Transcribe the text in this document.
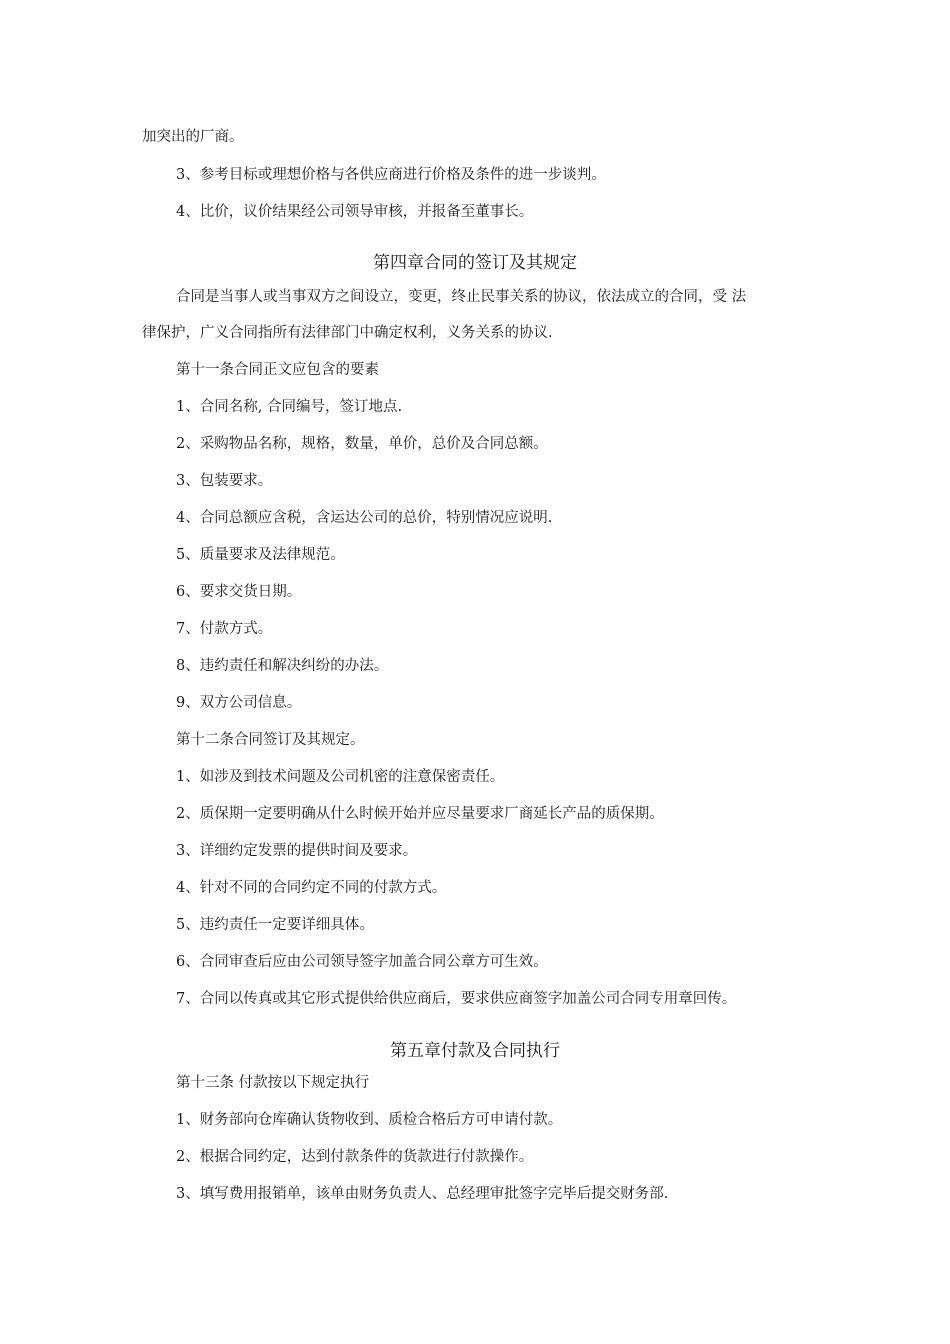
加突出的厂商。
3、参考目标或理想价格与各供应商进行价格及条件的进一步谈判。
4、比价，议价结果经公司领导审核，并报备至董事长。
第四章合同的签订及其规定
合同是当事人或当事双方之间设立，变更，终止民事关系的协议，依法成立的合同，受 法
律保护，广义合同指所有法律部门中确定权利，义务关系的协议.
第十一条合同正文应包含的要素
1、合同名称, 合同编号，签订地点.
2、采购物品名称，规格，数量，单价，总价及合同总额。
3、包装要求。
4、合同总额应含税，含运达公司的总价，特别情况应说明.
5、质量要求及法律规范。
6、要求交货日期。
7、付款方式。
8、违约责任和解决纠纷的办法。
9、双方公司信息。
第十二条合同签订及其规定。
1、如涉及到技术问题及公司机密的注意保密责任。
2、质保期一定要明确从什么时候开始并应尽量要求厂商延长产品的质保期。
3、详细约定发票的提供时间及要求。
4、针对不同的合同约定不同的付款方式。
5、违约责任一定要详细具体。
6、合同审查后应由公司领导签字加盖合同公章方可生效。
7、合同以传真或其它形式提供给供应商后，要求供应商签字加盖公司合同专用章回传。
第五章付款及合同执行
第十三条 付款按以下规定执行
1、财务部向仓库确认货物收到、质检合格后方可申请付款。
2、根据合同约定，达到付款条件的货款进行付款操作。
3、填写费用报销单，该单由财务负责人、总经理审批签字完毕后提交财务部.
